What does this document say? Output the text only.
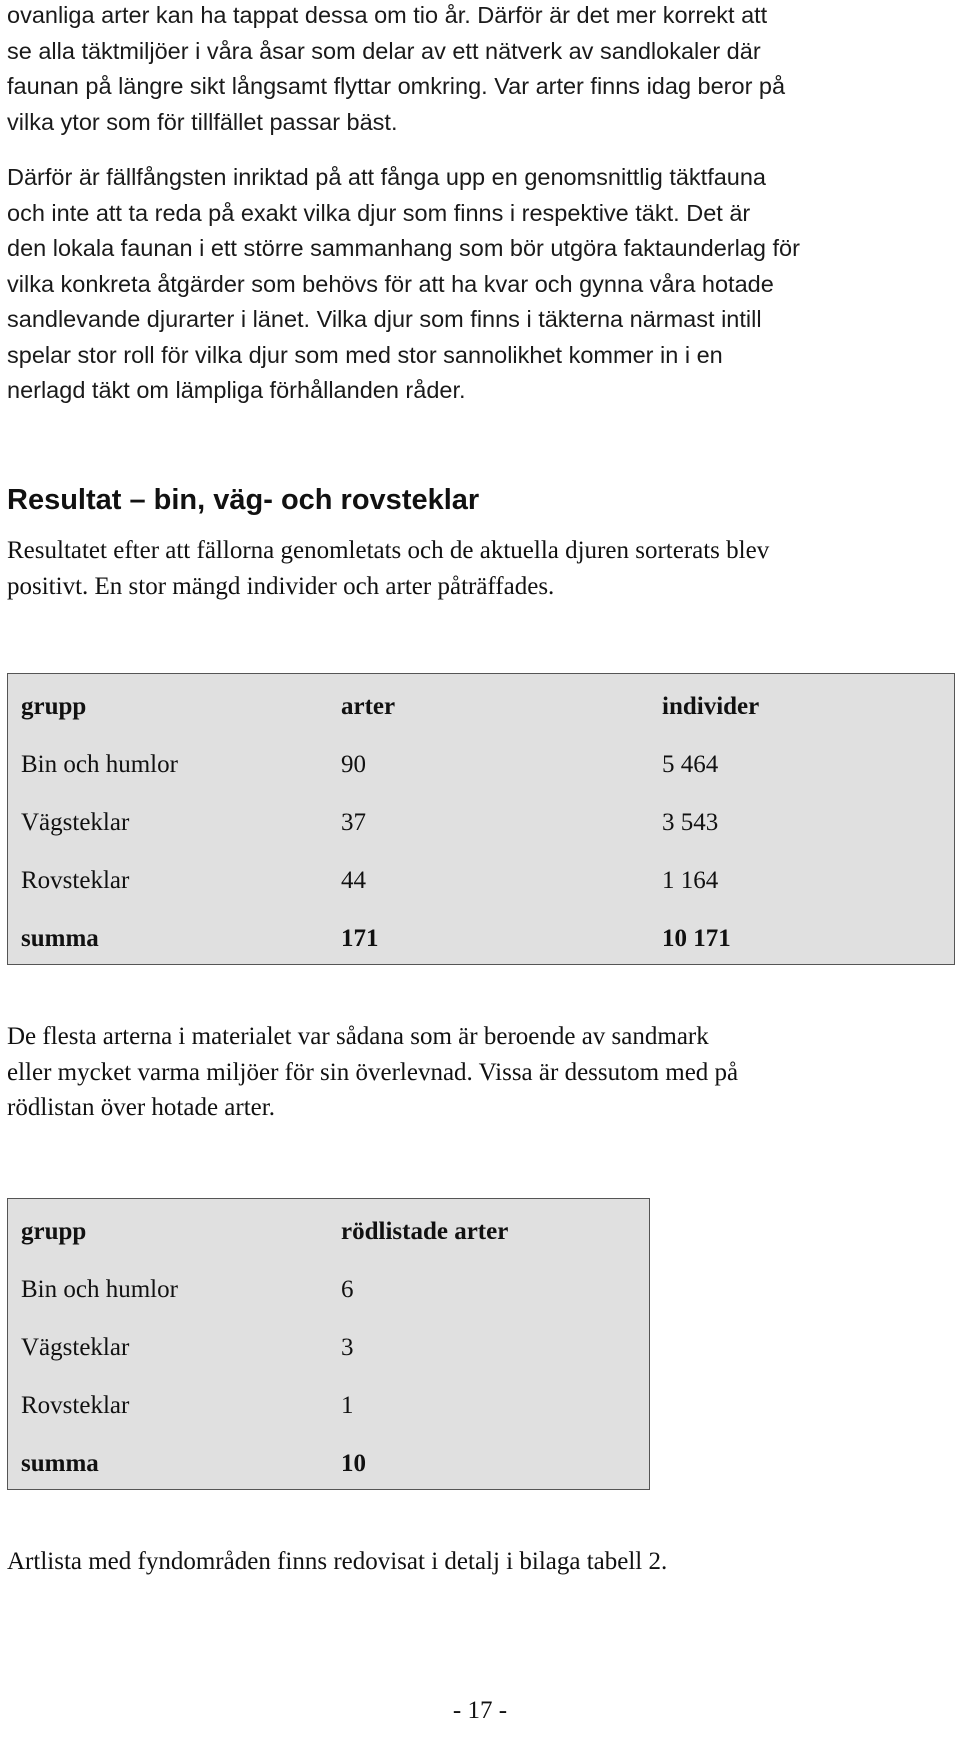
ovanliga arter kan ha tappat dessa om tio år. Därför är det mer korrekt att
se alla täktmiljöer i våra åsar som delar av ett nätverk av sandlokaler där
faunan på längre sikt långsamt flyttar omkring. Var arter finns idag beror på
vilka ytor som för tillfället passar bäst.

Därför är fällfångsten inriktad på att fånga upp en genomsnittlig täktfauna
och inte att ta reda på exakt vilka djur som finns i respektive täkt. Det är
den lokala faunan i ett större sammanhang som bör utgöra faktaunderlag för
vilka konkreta åtgärder som behövs för att ha kvar och gynna våra hotade
sandlevande djurarter i länet. Vilka djur som finns i täkterna närmast intill
spelar stor roll för vilka djur som med stor sannolikhet kommer in i en
nerlagd täkt om lämpliga förhållanden råder.

Resultat – bin, väg- och rovsteklar

Resultatet efter att fällorna genomletats och de aktuella djuren sorterats blev
positivt. En stor mängd individer och arter påträffades.

grupp	arter	individer
Bin och humlor	90	5 464
Vägsteklar	37	3 543
Rovsteklar	44	1 164
summa	171	10 171

De flesta arterna i materialet var sådana som är beroende av sandmark
eller mycket varma miljöer för sin överlevnad. Vissa är dessutom med på
rödlistan över hotade arter.

grupp	rödlistade arter
Bin och humlor	6
Vägsteklar	3
Rovsteklar	1
summa	10

Artlista med fyndområden finns redovisat i detalj i bilaga tabell 2.

- 17 -
